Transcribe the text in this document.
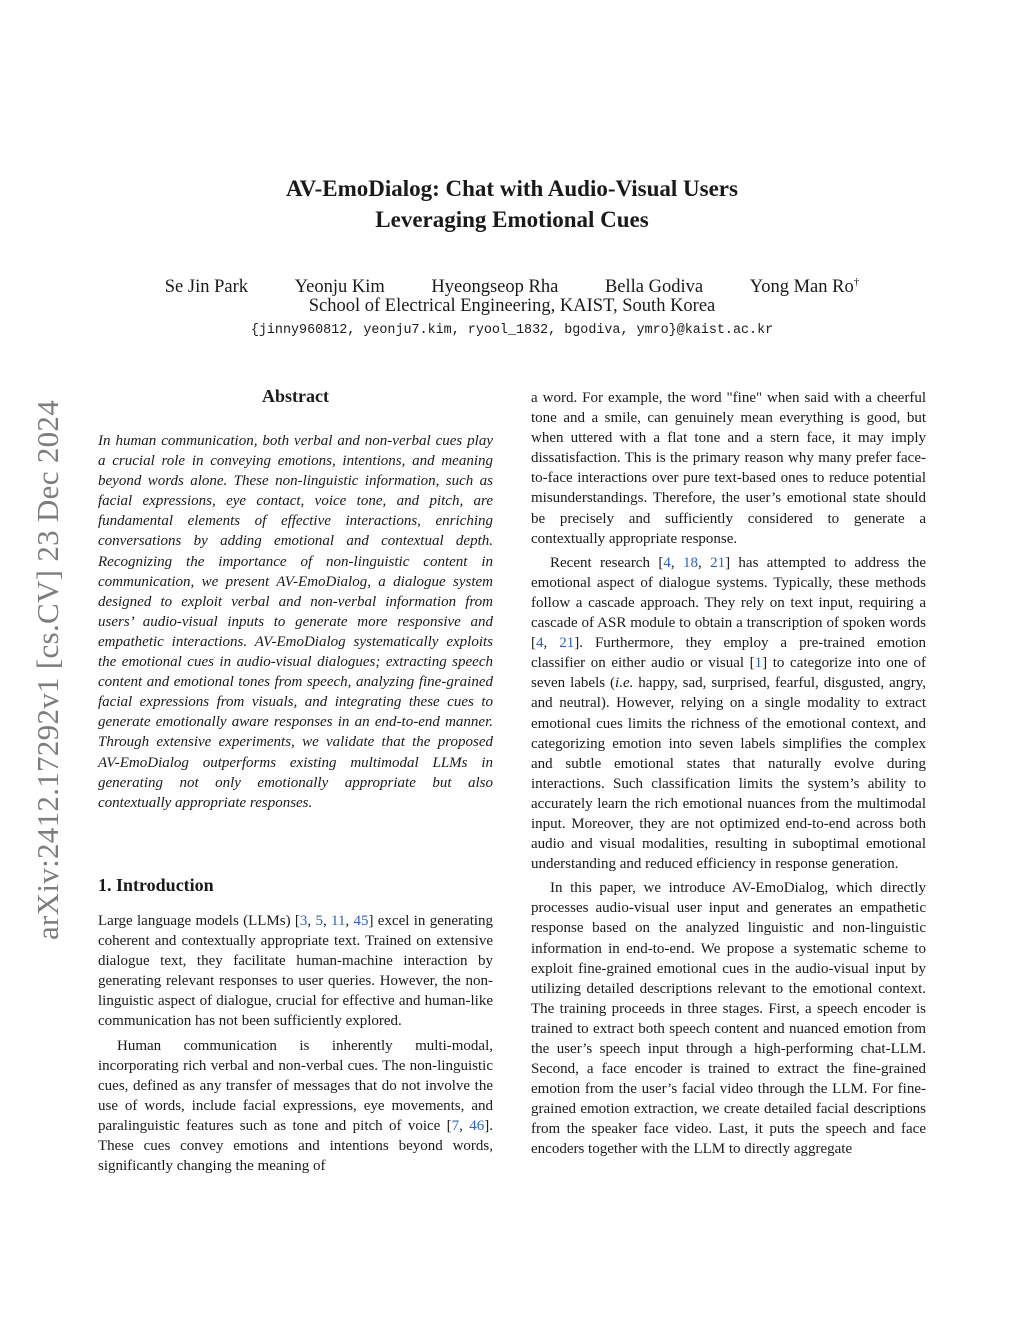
arXiv:2412.17292v1 [cs.CV] 23 Dec 2024
AV-EmoDialog: Chat with Audio-Visual Users
Leveraging Emotional Cues
Se Jin Park	Yeonju Kim	Hyeongseop Rha	Bella Godiva	Yong Man Ro†
School of Electrical Engineering, KAIST, South Korea
{jinny960812, yeonju7.kim, ryool_1832, bgodiva, ymro}@kaist.ac.kr
Abstract
In human communication, both verbal and non-verbal cues play a crucial role in conveying emotions, intentions, and meaning beyond words alone. These non-linguistic information, such as facial expressions, eye contact, voice tone, and pitch, are fundamental elements of effective interactions, enriching conversations by adding emotional and contextual depth. Recognizing the importance of non-linguistic content in communication, we present AV-EmoDialog, a dialogue system designed to exploit verbal and non-verbal information from users’ audio-visual inputs to generate more responsive and empathetic interactions. AV-EmoDialog systematically exploits the emotional cues in audio-visual dialogues; extracting speech content and emotional tones from speech, analyzing fine-grained facial expressions from visuals, and integrating these cues to generate emotionally aware responses in an end-to-end manner. Through extensive experiments, we validate that the proposed AV-EmoDialog outperforms existing multimodal LLMs in generating not only emotionally appropriate but also contextually appropriate responses.
1. Introduction

Large language models (LLMs) [3, 5, 11, 45] excel in generating coherent and contextually appropriate text. Trained on extensive dialogue text, they facilitate human-machine interaction by generating relevant responses to user queries. However, the non-linguistic aspect of dialogue, crucial for effective and human-like communication has not been sufficiently explored.

Human communication is inherently multi-modal, incorporating rich verbal and non-verbal cues. The non-linguistic cues, defined as any transfer of messages that do not involve the use of words, include facial expressions, eye movements, and paralinguistic features such as tone and pitch of voice [7, 46]. These cues convey emotions and intentions beyond words, significantly changing the meaning of

a word. For example, the word "fine" when said with a cheerful tone and a smile, can genuinely mean everything is good, but when uttered with a flat tone and a stern face, it may imply dissatisfaction. This is the primary reason why many prefer face-to-face interactions over pure text-based ones to reduce potential misunderstandings. Therefore, the user’s emotional state should be precisely and sufficiently considered to generate a contextually appropriate response.

Recent research [4, 18, 21] has attempted to address the emotional aspect of dialogue systems. Typically, these methods follow a cascade approach. They rely on text input, requiring a cascade of ASR module to obtain a transcription of spoken words [4, 21]. Furthermore, they employ a pre-trained emotion classifier on either audio or visual [1] to categorize into one of seven labels (i.e. happy, sad, surprised, fearful, disgusted, angry, and neutral). However, relying on a single modality to extract emotional cues limits the richness of the emotional context, and categorizing emotion into seven labels simplifies the complex and subtle emotional states that naturally evolve during interactions. Such classification limits the system’s ability to accurately learn the rich emotional nuances from the multimodal input. Moreover, they are not optimized end-to-end across both audio and visual modalities, resulting in suboptimal emotional understanding and reduced efficiency in response generation.

In this paper, we introduce AV-EmoDialog, which directly processes audio-visual user input and generates an empathetic response based on the analyzed linguistic and non-linguistic information in end-to-end. We propose a systematic scheme to exploit fine-grained emotional cues in the audio-visual input by utilizing detailed descriptions relevant to the emotional context. The training proceeds in three stages. First, a speech encoder is trained to extract both speech content and nuanced emotion from the user’s speech input through a high-performing chat-LLM. Second, a face encoder is trained to extract the fine-grained emotion from the user’s facial video through the LLM. For fine-grained emotion extraction, we create detailed facial descriptions from the speaker face video. Last, it puts the speech and face encoders together with the LLM to directly aggregate
